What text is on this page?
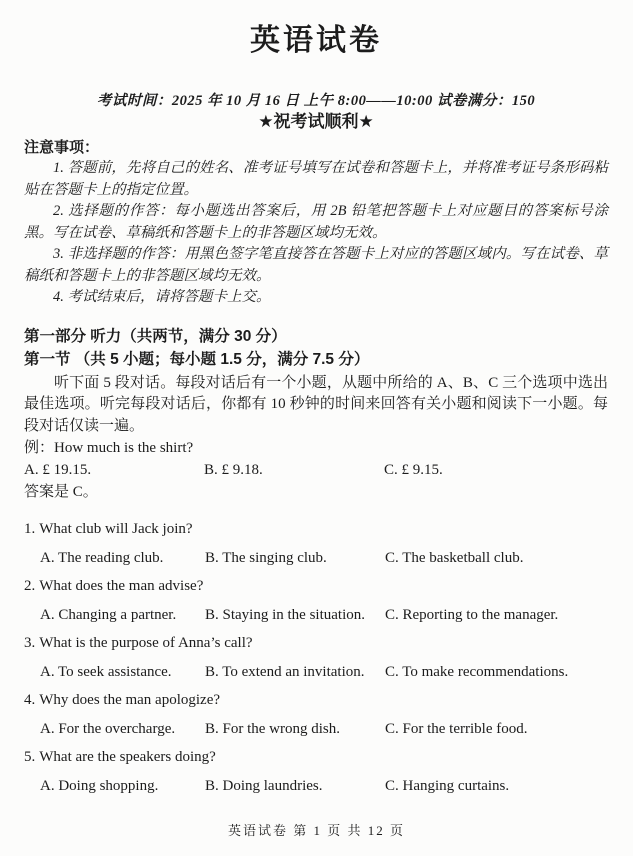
英语试卷
考试时间：2025 年 10 月 16 日 上午 8:00——10:00 试卷满分：150
★祝考试顺利★
注意事项：

1. 答题前，先将自己的姓名、准考证号填写在试卷和答题卡上，并将准考证号条形码粘贴在答题卡上的指定位置。

2. 选择题的作答：每小题选出答案后，用 2B 铅笔把答题卡上对应题目的答案标号涂黑。写在试卷、草稿纸和答题卡上的非答题区域均无效。

3. 非选择题的作答：用黑色签字笔直接答在答题卡上对应的答题区域内。写在试卷、草稿纸和答题卡上的非答题区域均无效。

4. 考试结束后，请将答题卡上交。

第一部分 听力（共两节，满分 30 分）
第一节 （共 5 小题；每小题 1.5 分，满分 7.5 分）

听下面 5 段对话。每段对话后有一个小题，从题中所给的 A、B、C 三个选项中选出最佳选项。听完每段对话后，你都有 10 秒钟的时间来回答有关小题和阅读下一小题。每段对话仅读一遍。

例：How much is the shirt?
A. £ 19.15.	B. £ 9.18.	C. £ 9.15.
答案是 C。
1. What club will Jack join?
A. The reading club.	B. The singing club.	C. The basketball club.
2. What does the man advise?
A. Changing a partner.	B. Staying in the situation.	C. Reporting to the manager.
3. What is the purpose of Anna’s call?
A. To seek assistance.	B. To extend an invitation.	C. To make recommendations.
4. Why does the man apologize?
A. For the overcharge.	B. For the wrong dish.	C. For the terrible food.
5. What are the speakers doing?
A. Doing shopping.	B. Doing laundries.	C. Hanging curtains.
英语试卷 第 1 页 共 12 页
